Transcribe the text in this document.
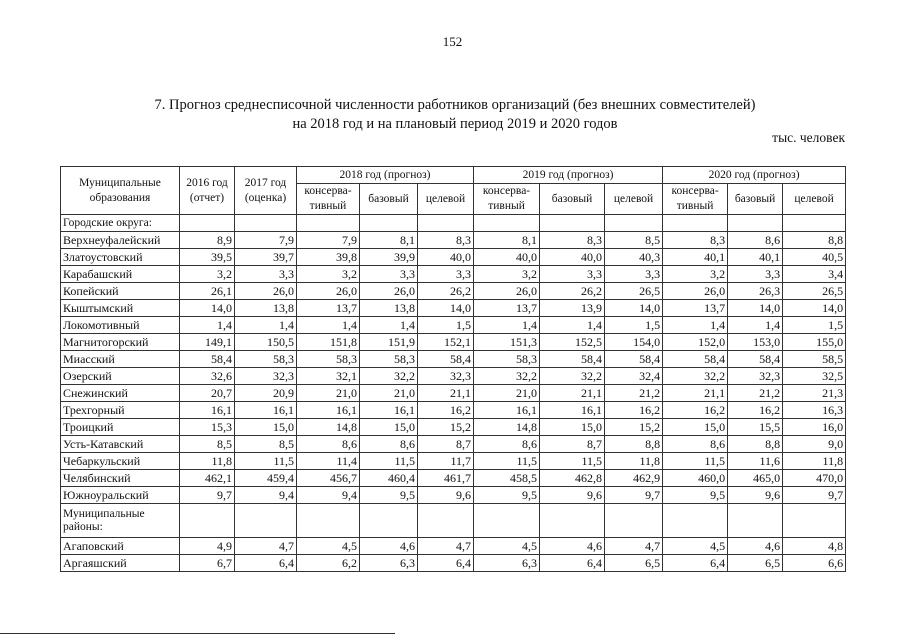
152
7. Прогноз среднесписочной численности работников организаций (без внешних совместителей)
на 2018 год и на плановый период 2019 и 2020 годов
тыс. человек
Муниципальные образования	2016 год (отчет)	2017 год (оценка)	2018 год (прогноз)			2019 год (прогноз)			2020 год (прогноз)		
			консерва-тивный	базовый	целевой	консерва-тивный	базовый	целевой	консерва-тивный	базовый	целевой
Городские округа:											
Верхнеуфалейский	8,9	7,9	7,9	8,1	8,3	8,1	8,3	8,5	8,3	8,6	8,8
Златоустовский	39,5	39,7	39,8	39,9	40,0	40,0	40,0	40,3	40,1	40,1	40,5
Карабашский	3,2	3,3	3,2	3,3	3,3	3,2	3,3	3,3	3,2	3,3	3,4
Копейский	26,1	26,0	26,0	26,0	26,2	26,0	26,2	26,5	26,0	26,3	26,5
Кыштымский	14,0	13,8	13,7	13,8	14,0	13,7	13,9	14,0	13,7	14,0	14,0
Локомотивный	1,4	1,4	1,4	1,4	1,5	1,4	1,4	1,5	1,4	1,4	1,5
Магнитогорский	149,1	150,5	151,8	151,9	152,1	151,3	152,5	154,0	152,0	153,0	155,0
Миасский	58,4	58,3	58,3	58,3	58,4	58,3	58,4	58,4	58,4	58,4	58,5
Озерский	32,6	32,3	32,1	32,2	32,3	32,2	32,2	32,4	32,2	32,3	32,5
Снежинский	20,7	20,9	21,0	21,0	21,1	21,0	21,1	21,2	21,1	21,2	21,3
Трехгорный	16,1	16,1	16,1	16,1	16,2	16,1	16,1	16,2	16,2	16,2	16,3
Троицкий	15,3	15,0	14,8	15,0	15,2	14,8	15,0	15,2	15,0	15,5	16,0
Усть-Катавский	8,5	8,5	8,6	8,6	8,7	8,6	8,7	8,8	8,6	8,8	9,0
Чебаркульский	11,8	11,5	11,4	11,5	11,7	11,5	11,5	11,8	11,5	11,6	11,8
Челябинский	462,1	459,4	456,7	460,4	461,7	458,5	462,8	462,9	460,0	465,0	470,0
Южноуральский	9,7	9,4	9,4	9,5	9,6	9,5	9,6	9,7	9,5	9,6	9,7
Муниципальные районы:											
Агаповский	4,9	4,7	4,5	4,6	4,7	4,5	4,6	4,7	4,5	4,6	4,8
Аргаяшский	6,7	6,4	6,2	6,3	6,4	6,3	6,4	6,5	6,4	6,5	6,6
